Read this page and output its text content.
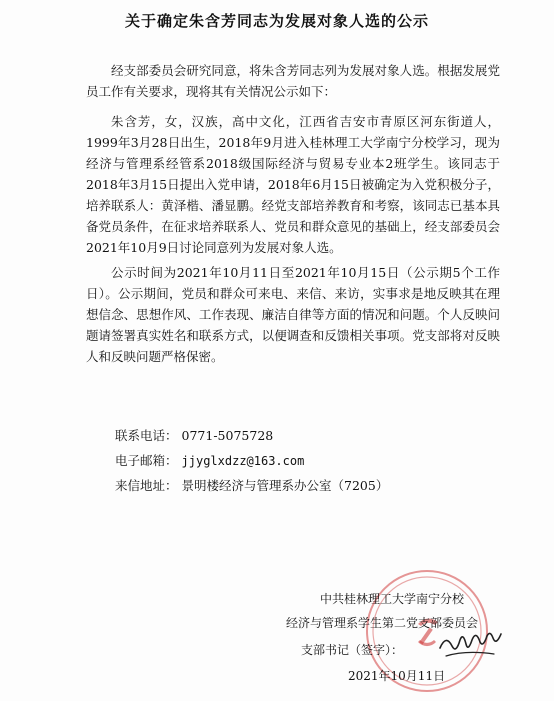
关于确定朱含芳同志为发展对象人选的公示

经支部委员会研究同意，将朱含芳同志列为发展对象人选。根据发展党员工作有关要求，现将其有关情况公示如下：

朱含芳，女，汉族，高中文化，江西省吉安市青原区河东街道人，1999年3月28日出生，2018年9月进入桂林理工大学南宁分校学习，现为经济与管理系经管系2018级国际经济与贸易专业本2班学生。该同志于2018年3月15日提出入党申请，2018年6月15日被确定为入党积极分子，培养联系人：黄泽楷、潘显鹏。经党支部培养教育和考察，该同志已基本具备党员条件，在征求培养联系人、党员和群众意见的基础上，经支部委员会2021年10月9日讨论同意列为发展对象人选。

公示时间为2021年10月11日至2021年10月15日（公示期5个工作日）。公示期间，党员和群众可来电、来信、来访，实事求是地反映其在理想信念、思想作风、工作表现、廉洁自律等方面的情况和问题。个人反映问题请签署真实姓名和联系方式，以便调查和反馈相关事项。党支部将对反映人和反映问题严格保密。

联系电话： 0771-5075728
电子邮箱： jjyglxdzz@163.com
来信地址： 景明楼经济与管理系办公室（7205）
中共桂林理工大学南宁分校
经济与管理系学生第二党支部委员会
支部书记（签字）：
2021年10月11日
